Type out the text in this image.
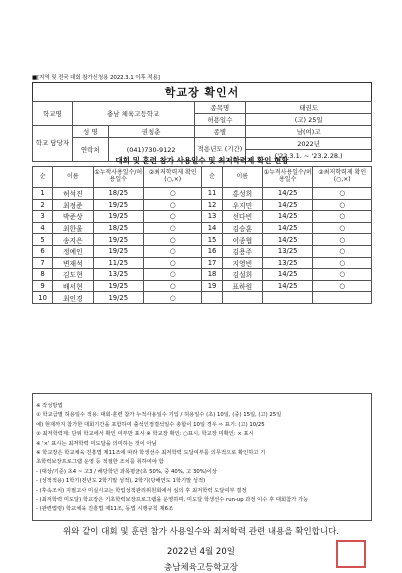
■[지역 및 전국 대회 참가신청용 2022.3.1 이후 적용]
학교장 확인서
학교명	충남 체육고등학교		종목명	태권도
			허용일수	(고) 25일
학교 담당자	성 명	권칭춘	종별	남(여)고
	연락처	(041)730-9122	적용년도 (기간)	2022년
				('22.3.1. ~ '23.2.28.)
대회 및 훈련 참가 사용일수 및 최저학력제 확인 현황
순	이름	①누적사용일수/허용일수	②최저학력제 확인(○,×)	순	이름	①누적사용일수/허용일수	②최저학력제 확인(○,×)
1	허석진	18/25	○	11	홍성희	14/25	○
2	최정준	19/25	○	12	우지민	14/25	○
3	박준상	19/25	○	13	선다빈	14/25	○
4	최한울	18/25	○	14	김승훈	14/25	○
5	송지은	19/25	○	15	이종협	14/25	○
6	정예인	19/25	○	16	김용주	13/25	○
7	변재석	11/25	○	17	지영빈	13/25	○
8	김도현	13/25	○	18	김설희	14/25	○
9	배서현	19/25	○	19	표하원	14/25	○
10	최인경	19/25	○				
※ 작성방법
① 학교급별 허용일수 적용: 대회·훈련 참가 누적사용일수 기입 / 허용일수 (초) 10일, (중) 15일, (고) 25일
예) 현재까지 참가한 대회기간을 포함하여 출석인정결석일수 총합이 10일 경우 ⇨ 표기: (고) 10/25
② 최저학력제: 단위 학교에서 확인 여부만 표시 ※ 학교장 확인: ○표시, 학교장 미확인: × 표시
※ '×' 표시는 최저학력 미도달을 의미하는 것이 아님
※ 학교장은 학교체육 진흥법 제11조에 따라 학생선수 최저학력 도달여부를 의무적으로 확인하고 기
초학력보장프로그램 운영 등 적절한 조치를 취하여야 함
- (대상/기준) 초4 ~ 고3 / 해당학년 과목평균(초 50%, 중 40%, 고 30%)이상
- (성적적용) 1학기(전년도 2학기말 성적), 2학기(당해연도 1학기말 성적)
- (후속조치) 지필고사 미실시교는 학업성적관리위원회에서 심의 후 최저학력 도달여부 결정
- (최저학력 미도달) 학교장은 기초학력보장프로그램을 운영하며, 미도달 학생선수 run-up 과정 이수 후 대회참가 가능
- (관련법령) 학교체육 진흥법 제11조, 동법 시행규칙 제6조
위와 같이 대회 및 훈련 참가 사용일수와 최저학력 관련 내용을 확인합니다.
2022년 4월 20일
충남체육고등학교장
